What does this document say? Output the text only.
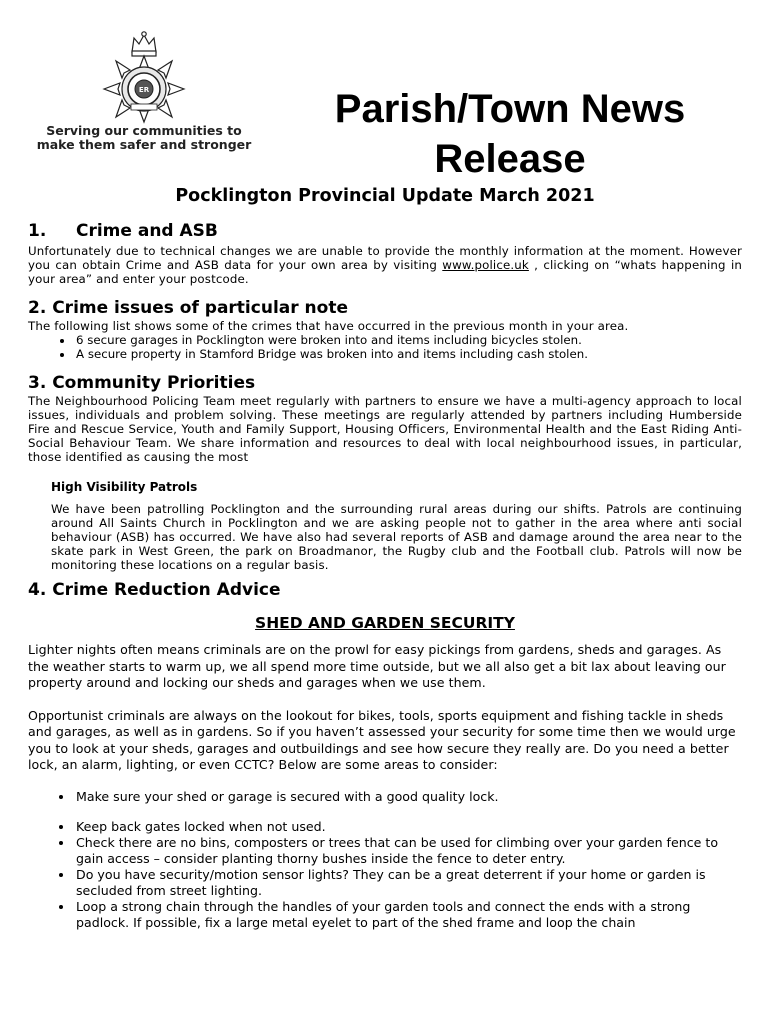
ER
Serving our communities to
make them safer and stronger
Parish/Town News
Release
Pocklington Provincial Update March 2021
1. Crime and ASB

Unfortunately due to technical changes we are unable to provide the monthly information at the moment. However you can obtain Crime and ASB data for your own area by visiting www.police.uk , clicking on “whats happening in your area” and enter your postcode.

2. Crime issues of particular note

The following list shows some of the crimes that have occurred in the previous month in your area.

• 6 secure garages in Pocklington were broken into and items including bicycles stolen.
• A secure property in Stamford Bridge was broken into and items including cash stolen.
3. Community Priorities

The Neighbourhood Policing Team meet regularly with partners to ensure we have a multi-agency approach to local issues, individuals and problem solving. These meetings are regularly attended by partners including Humberside Fire and Rescue Service, Youth and Family Support, Housing Officers, Environmental Health and the East Riding Anti-Social Behaviour Team. We share information and resources to deal with local neighbourhood issues, in particular, those identified as causing the most

High Visibility Patrols

We have been patrolling Pocklington and the surrounding rural areas during our shifts. Patrols are continuing around All Saints Church in Pocklington and we are asking people not to gather in the area where anti social behaviour (ASB) has occurred. We have also had several reports of ASB and damage around the area near to the skate park in West Green, the park on Broadmanor, the Rugby club and the Football club. Patrols will now be monitoring these locations on a regular basis.

4. Crime Reduction Advice

SHED AND GARDEN SECURITY

Lighter nights often means criminals are on the prowl for easy pickings from gardens, sheds and garages. As the weather starts to warm up, we all spend more time outside, but we all also get a bit lax about leaving our property around and locking our sheds and garages when we use them.

Opportunist criminals are always on the lookout for bikes, tools, sports equipment and fishing tackle in sheds and garages, as well as in gardens. So if you haven’t assessed your security for some time then we would urge you to look at your sheds, garages and outbuildings and see how secure they really are. Do you need a better lock, an alarm, lighting, or even CCTC? Below are some areas to consider:

• Make sure your shed or garage is secured with a good quality lock.
• Keep back gates locked when not used.
• Check there are no bins, composters or trees that can be used for climbing over your garden fence to gain access – consider planting thorny bushes inside the fence to deter entry.
• Do you have security/motion sensor lights? They can be a great deterrent if your home or garden is secluded from street lighting.
• Loop a strong chain through the handles of your garden tools and connect the ends with a strong padlock. If possible, fix a large metal eyelet to part of the shed frame and loop the chain
